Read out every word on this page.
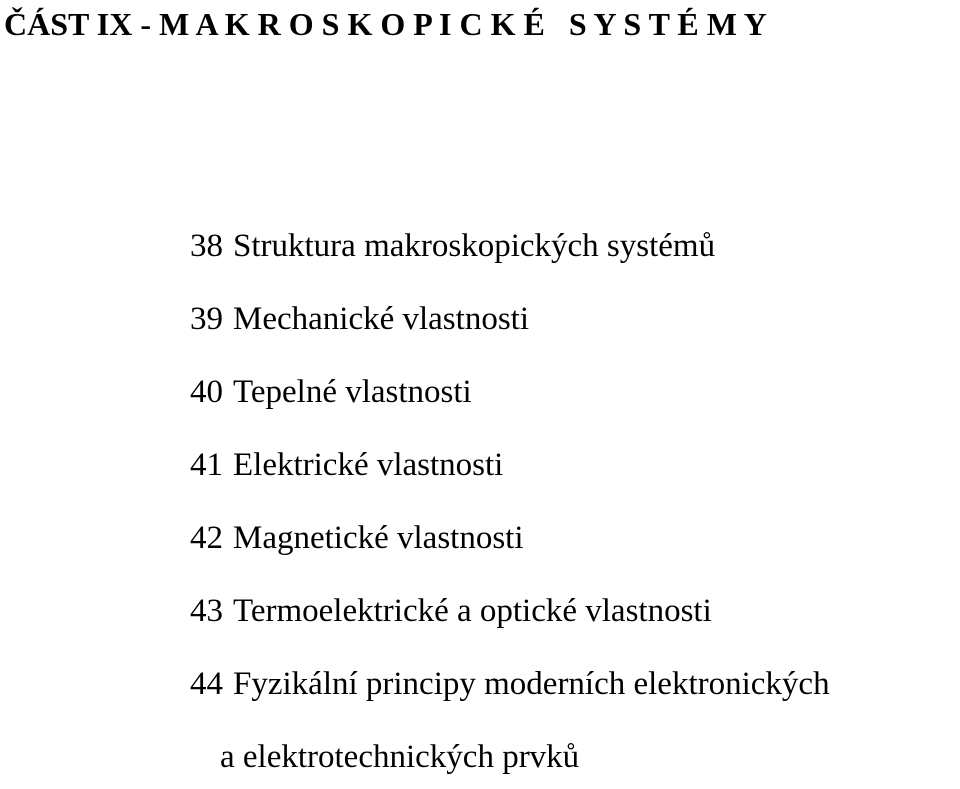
ČÁST IX - M A K R O S K O P I C K É   S Y S T É M Y
38 Struktura makroskopických systémů
39 Mechanické vlastnosti
40 Tepelné vlastnosti
41 Elektrické vlastnosti
42 Magnetické vlastnosti
43 Termoelektrické a optické vlastnosti
44 Fyzikální principy moderních elektronických
a elektrotechnických prvků
